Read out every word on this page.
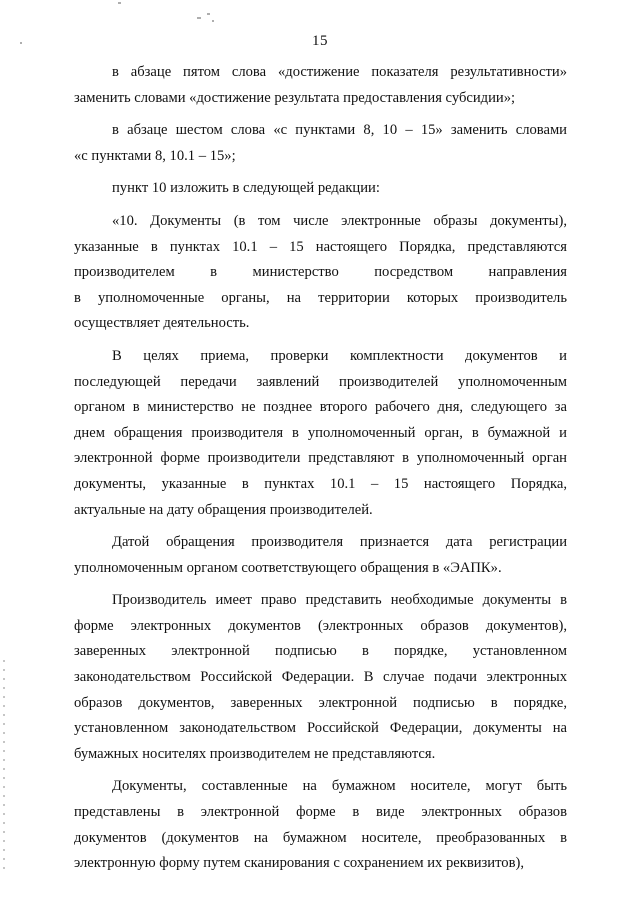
15
в абзаце пятом слова «достижение показателя результативности»
заменить словами «достижение результата предоставления субсидии»;
в абзаце шестом слова «с пунктами 8, 10 – 15» заменить словами
«с пунктами 8, 10.1 – 15»;
пункт 10 изложить в следующей редакции:
«10. Документы (в том числе электронные образы документы),
указанные в пунктах 10.1 – 15 настоящего Порядка, представляются
производителем в министерство посредством направления
в уполномоченные органы, на территории которых производитель
осуществляет деятельность.
В целях приема, проверки комплектности документов и
последующей передачи заявлений производителей уполномоченным
органом в министерство не позднее второго рабочего дня, следующего за
днем обращения производителя в уполномоченный орган, в бумажной и
электронной форме производители представляют в уполномоченный орган
документы, указанные в пунктах 10.1 – 15 настоящего Порядка,
актуальные на дату обращения производителей.
Датой обращения производителя признается дата регистрации
уполномоченным органом соответствующего обращения в «ЭАПК».
Производитель имеет право представить необходимые документы в
форме электронных документов (электронных образов документов),
заверенных электронной подписью в порядке, установленном
законодательством Российской Федерации. В случае подачи электронных
образов документов, заверенных электронной подписью в порядке,
установленном законодательством Российской Федерации, документы на
бумажных носителях производителем не представляются.
Документы, составленные на бумажном носителе, могут быть
представлены в электронной форме в виде электронных образов
документов (документов на бумажном носителе, преобразованных в
электронную форму путем сканирования с сохранением их реквизитов),
